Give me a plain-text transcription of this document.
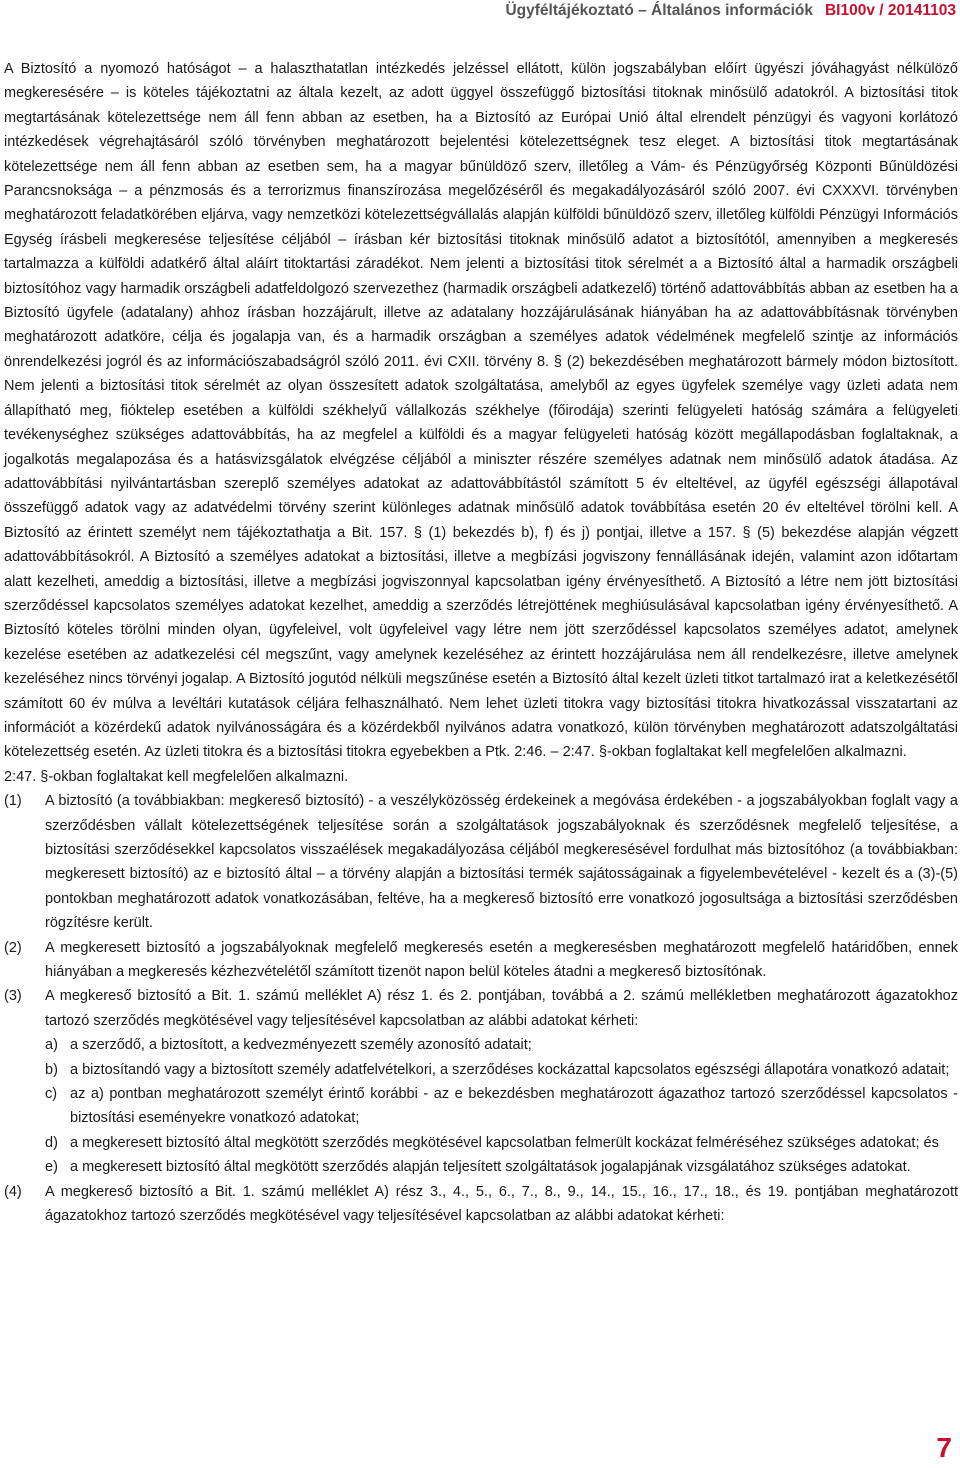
Ügyféltájékoztató – Általános információk BI100v / 20141103

A Biztosító a nyomozó hatóságot – a halaszthatatlan intézkedés jelzéssel ellátott, külön jogszabályban előírt ügyészi jóváhagyást nélkülöző megkeresésére – is köteles tájékoztatni az általa kezelt, az adott üggyel összefüggő biztosítási titoknak minősülő adatokról. A biztosítási titok megtartásának kötelezettsége nem áll fenn abban az esetben, ha a Biztosító az Európai Unió által elrendelt pénzügyi és vagyoni korlátozó intézkedések végrehajtásáról szóló törvényben meghatározott bejelentési kötelezettségnek tesz eleget. A biztosítási titok megtartásának kötelezettsége nem áll fenn abban az esetben sem, ha a magyar bűnüldöző szerv, illetőleg a Vám- és Pénzügyőrség Központi Bűnüldözési Parancsnoksága – a pénzmosás és a terrorizmus finanszírozása megelőzéséről és megakadályozásáról szóló 2007. évi CXXXVI. törvényben meghatározott feladatkörében eljárva, vagy nemzetközi kötelezettségvállalás alapján külföldi bűnüldöző szerv, illetőleg külföldi Pénzügyi Információs Egység írásbeli megkeresése teljesítése céljából – írásban kér biztosítási titoknak minősülő adatot a biztosítótól, amennyiben a megkeresés tartalmazza a külföldi adatkérő által aláírt titoktartási záradékot. Nem jelenti a biztosítási titok sérelmét a a Biztosító által a harmadik országbeli biztosítóhoz vagy harmadik országbeli adatfeldolgozó szervezethez (harmadik országbeli adatkezelő) történő adattovábbítás abban az esetben ha a Biztosító ügyfele (adatalany) ahhoz írásban hozzájárult, illetve az adatalany hozzájárulásának hiányában ha az adattovábbításnak törvényben meghatározott adatköre, célja és jogalapja van, és a harmadik országban a személyes adatok védelmének megfelelő szintje az információs önrendelkezési jogról és az információszabadságról szóló 2011. évi CXII. törvény 8. § (2) bekezdésében meghatározott bármely módon biztosított. Nem jelenti a biztosítási titok sérelmét az olyan összesített adatok szolgáltatása, amelyből az egyes ügyfelek személye vagy üzleti adata nem állapítható meg, fióktelep esetében a külföldi székhelyű vállalkozás székhelye (főirodája) szerinti felügyeleti hatóság számára a felügyeleti tevékenységhez szükséges adattovábbítás, ha az megfelel a külföldi és a magyar felügyeleti hatóság között megállapodásban foglaltaknak, a jogalkotás megalapozása és a hatásvizsgálatok elvégzése céljából a miniszter részére személyes adatnak nem minősülő adatok átadása. Az adattovábbítási nyilvántartásban szereplő személyes adatokat az adattovábbítástól számított 5 év elteltével, az ügyfél egészségi állapotával összefüggő adatok vagy az adatvédelmi törvény szerint különleges adatnak minősülő adatok továbbítása esetén 20 év elteltével törölni kell. A Biztosító az érintett személyt nem tájékoztathatja a Bit. 157. § (1) bekezdés b), f) és j) pontjai, illetve a 157. § (5) bekezdése alapján végzett adattovábbításokról. A Biztosító a személyes adatokat a biztosítási, illetve a megbízási jogviszony fennállásának idején, valamint azon időtartam alatt kezelheti, ameddig a biztosítási, illetve a megbízási jogviszonnyal kapcsolatban igény érvényesíthető. A Biztosító a létre nem jött biztosítási szerződéssel kapcsolatos személyes adatokat kezelhet, ameddig a szerződés létrejöttének meghiúsulásával kapcsolatban igény érvényesíthető. A Biztosító köteles törölni minden olyan, ügyfeleivel, volt ügyfeleivel vagy létre nem jött szerződéssel kapcsolatos személyes adatot, amelynek kezelése esetében az adatkezelési cél megszűnt, vagy amelynek kezeléséhez az érintett hozzájárulása nem áll rendelkezésre, illetve amelynek kezeléséhez nincs törvényi jogalap. A Biztosító jogutód nélküli megszűnése esetén a Biztosító által kezelt üzleti titkot tartalmazó irat a keletkezésétől számított 60 év múlva a levéltári kutatások céljára felhasználható. Nem lehet üzleti titokra vagy biztosítási titokra hivatkozással visszatartani az információt a közérdekű adatok nyilvánosságára és a közérdekből nyilvános adatra vonatkozó, külön törvényben meghatározott adatszolgáltatási kötelezettség esetén. Az üzleti titokra és a biztosítási titokra egyebekben a Ptk. 2:46. – 2:47. §-okban foglaltakat kell megfelelően alkalmazni.

2:47. §-okban foglaltakat kell megfelelően alkalmazni.

(1)	A biztosító (a továbbiakban: megkereső biztosító) - a veszélyközösség érdekeinek a megóvása érdekében - a jogszabályokban foglalt vagy a szerződésben vállalt kötelezettségének teljesítése során a szolgáltatások jogszabályoknak és szerződésnek megfelelő teljesítése, a biztosítási szerződésekkel kapcsolatos visszaélések megakadályozása céljából megkeresésével fordulhat más biztosítóhoz (a továbbiakban: megkeresett biztosító) az e biztosító által – a törvény alapján a biztosítási termék sajátosságainak a figyelembevételével - kezelt és a (3)-(5) pontokban meghatározott adatok vonatkozásában, feltéve, ha a megkereső biztosító erre vonatkozó jogosultsága a biztosítási szerződésben rögzítésre került.
(2)	A megkeresett biztosító a jogszabályoknak megfelelő megkeresés esetén a megkeresésben meghatározott megfelelő határidőben, ennek hiányában a megkeresés kézhezvételétől számított tizenöt napon belül köteles átadni a megkereső biztosítónak.
(3)	A megkereső biztosító a Bit. 1. számú melléklet A) rész 1. és 2. pontjában, továbbá a 2. számú mellékletben meghatározott ágazatokhoz tartozó szerződés megkötésével vagy teljesítésével kapcsolatban az alábbi adatokat kérheti:
a) a szerződő, a biztosított, a kedvezményezett személy azonosító adatait;
b) a biztosítandó vagy a biztosított személy adatfelvételkori, a szerződéses kockázattal kapcsolatos egészségi állapotára vonatkozó adatait;
c) az a) pontban meghatározott személyt érintő korábbi - az e bekezdésben meghatározott ágazathoz tartozó szerződéssel kapcsolatos - biztosítási eseményekre vonatkozó adatokat;
d) a megkeresett biztosító által megkötött szerződés megkötésével kapcsolatban felmerült kockázat felméréséhez szükséges adatokat; és
e) a megkeresett biztosító által megkötött szerződés alapján teljesített szolgáltatások jogalapjának vizsgálatához szükséges adatokat.
(4)	A megkereső biztosító a Bit. 1. számú melléklet A) rész 3., 4., 5., 6., 7., 8., 9., 14., 15., 16., 17., 18., és 19. pontjában meghatározott ágazatokhoz tartozó szerződés megkötésével vagy teljesítésével kapcsolatban az alábbi adatokat kérheti:
7
